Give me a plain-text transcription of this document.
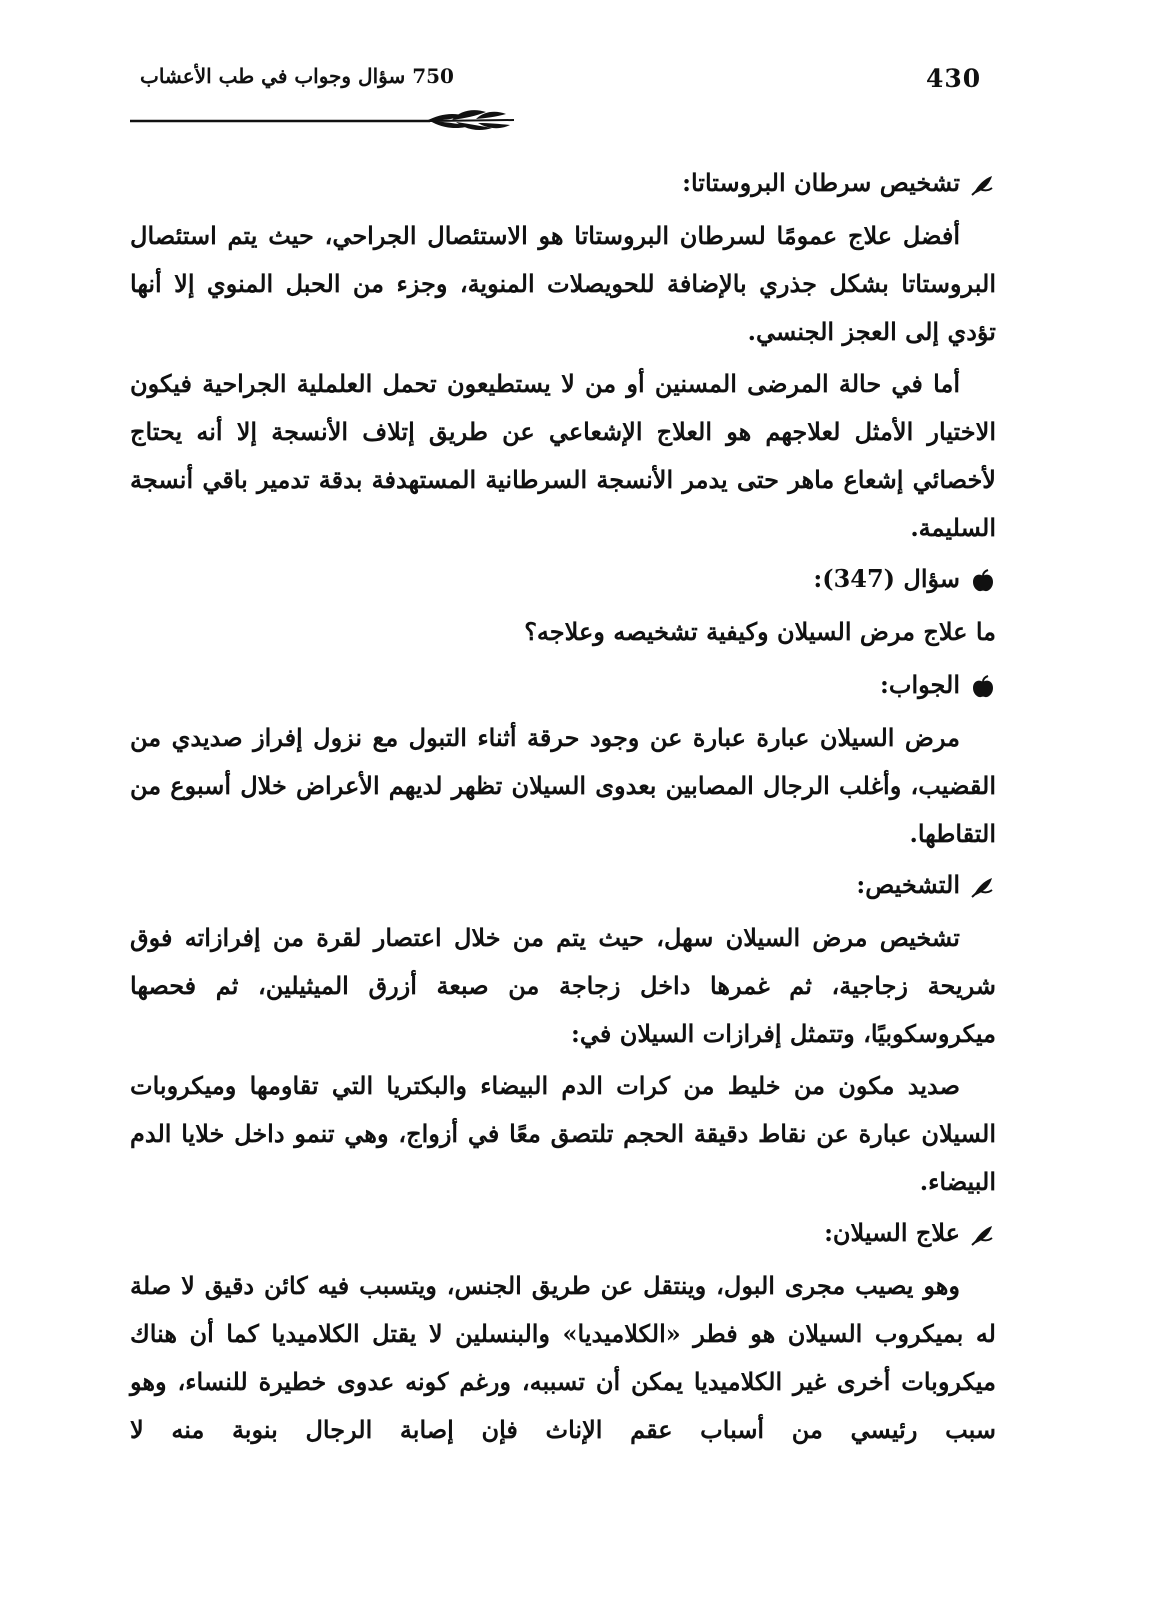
430
750 سؤال وجواب في طب الأعشاب
تشخيص سرطان البروستاتا:

أفضل علاج عمومًا لسرطان البروستاتا هو الاستئصال الجراحي، حيث يتم استئصال البروستاتا بشكل جذري بالإضافة للحويصلات المنوية، وجزء من الحبل المنوي إلا أنها تؤدي إلى العجز الجنسي.

أما في حالة المرضى المسنين أو من لا يستطيعون تحمل العلملية الجراحية فيكون الاختيار الأمثل لعلاجهم هو العلاج الإشعاعي عن طريق إتلاف الأنسجة إلا أنه يحتاج لأخصائي إشعاع ماهر حتى يدمر الأنسجة السرطانية المستهدفة بدقة تدمير باقي أنسجة السليمة.

سؤال (347):

ما علاج مرض السيلان وكيفية تشخيصه وعلاجه؟

الجواب:

مرض السيلان عبارة عبارة عن وجود حرقة أثناء التبول مع نزول إفراز صديدي من القضيب، وأغلب الرجال المصابين بعدوى السيلان تظهر لديهم الأعراض خلال أسبوع من التقاطها.

التشخيص:

تشخيص مرض السيلان سهل، حيث يتم من خلال اعتصار لقرة من إفرازاته فوق شريحة زجاجية، ثم غمرها داخل زجاجة من صبعة أزرق الميثيلين، ثم فحصها ميكروسكوبيًا، وتتمثل إفرازات السيلان في:

صديد مكون من خليط من كرات الدم البيضاء والبكتريا التي تقاومها وميكروبات السيلان عبارة عن نقاط دقيقة الحجم تلتصق معًا في أزواج، وهي تنمو داخل خلايا الدم البيضاء.

علاج السيلان:

وهو يصيب مجرى البول، وينتقل عن طريق الجنس، ويتسبب فيه كائن دقيق لا صلة له بميكروب السيلان هو فطر «الكلاميديا» والبنسلين لا يقتل الكلاميديا كما أن هناك ميكروبات أخرى غير الكلاميديا يمكن أن تسببه، ورغم كونه عدوى خطيرة للنساء، وهو سبب رئيسي من أسباب عقم الإناث فإن إصابة الرجال بنوبة منه لا
